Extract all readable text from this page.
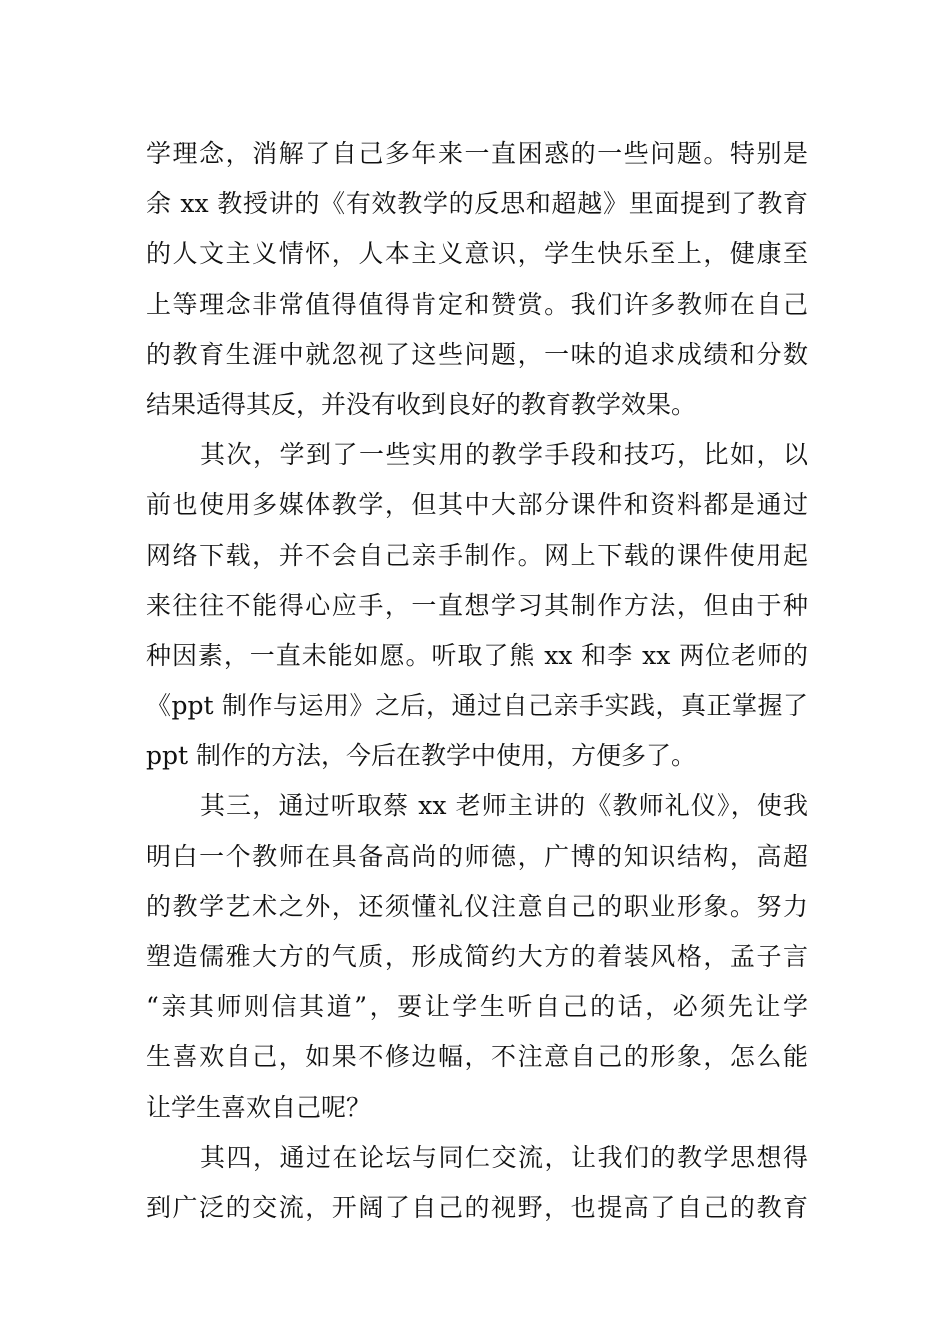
学理念，消解了自己多年来一直困惑的一些问题。特别是
余 xx 教授讲的《有效教学的反思和超越》里面提到了教育
的人文主义情怀，人本主义意识，学生快乐至上，健康至
上等理念非常值得值得肯定和赞赏。我们许多教师在自己
的教育生涯中就忽视了这些问题，一味的追求成绩和分数
结果适得其反，并没有收到良好的教育教学效果。
其次，学到了一些实用的教学手段和技巧，比如，以
前也使用多媒体教学，但其中大部分课件和资料都是通过
网络下载，并不会自己亲手制作。网上下载的课件使用起
来往往不能得心应手，一直想学习其制作方法，但由于种
种因素，一直未能如愿。听取了熊 xx 和李 xx 两位老师的
《ppt 制作与运用》之后，通过自己亲手实践，真正掌握了
ppt 制作的方法，今后在教学中使用，方便多了。
其三，通过听取蔡 xx 老师主讲的《教师礼仪》，使我
明白一个教师在具备高尚的师德，广博的知识结构，高超
的教学艺术之外，还须懂礼仪注意自己的职业形象。努力
塑造儒雅大方的气质，形成简约大方的着装风格，孟子言
“亲其师则信其道”，要让学生听自己的话，必须先让学
生喜欢自己，如果不修边幅，不注意自己的形象，怎么能
让学生喜欢自己呢？
其四，通过在论坛与同仁交流，让我们的教学思想得
到广泛的交流，开阔了自己的视野，也提高了自己的教育
